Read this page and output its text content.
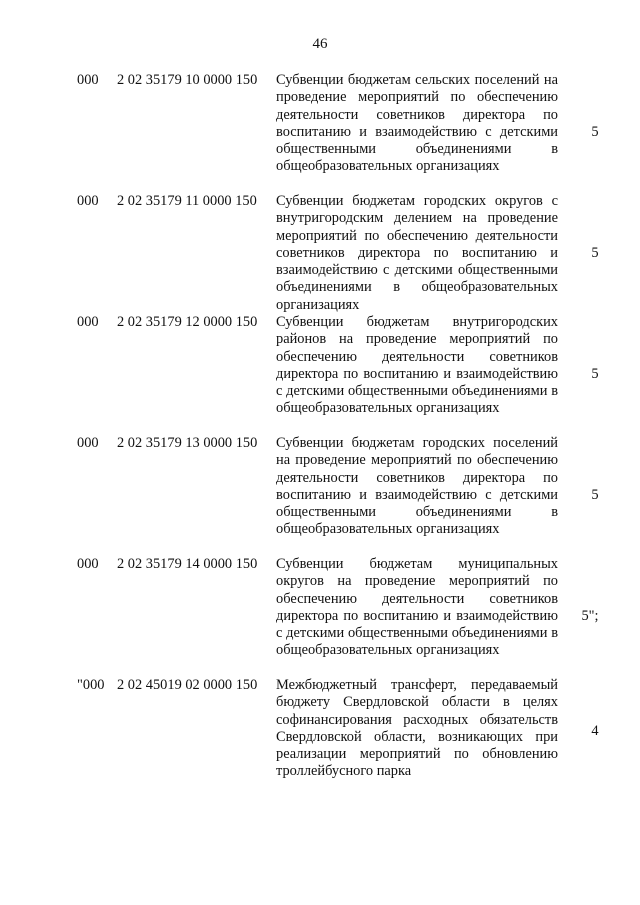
46
000	2 02 35179 10 0000 150 Субвенции бюджетам сельских поселений на проведение мероприятий по обеспечению деятельности советников директора по воспитанию и взаимодействию с детскими общественными объединениями в общеобразовательных организациях
5
000	2 02 35179 11 0000 150 Субвенции бюджетам городских округов с внутригородским делением на проведение мероприятий по обеспечению деятельности советников директора по воспитанию и взаимодействию с детскими общественными объединениями в общеобразовательных организациях
5
000	2 02 35179 12 0000 150 Субвенции бюджетам внутригородских районов на проведение мероприятий по обеспечению деятельности советников директора по воспитанию и взаимодействию с детскими общественными объединениями в общеобразовательных организациях
5
000	2 02 35179 13 0000 150 Субвенции бюджетам городских поселений на проведение мероприятий по обеспечению деятельности советников директора по воспитанию и взаимодействию с детскими общественными объединениями в общеобразовательных организациях
5
000	2 02 35179 14 0000 150 Субвенции бюджетам муниципальных округов на проведение мероприятий по обеспечению деятельности советников директора по воспитанию и взаимодействию с детскими общественными объединениями в общеобразовательных организациях
5";
"000 2 02 45019 02 0000 150 Межбюджетный трансферт, передаваемый бюджету Свердловской области в целях софинансирования расходных обязательств Свердловской области, возникающих при реализации мероприятий по обновлению троллейбусного парка
4
